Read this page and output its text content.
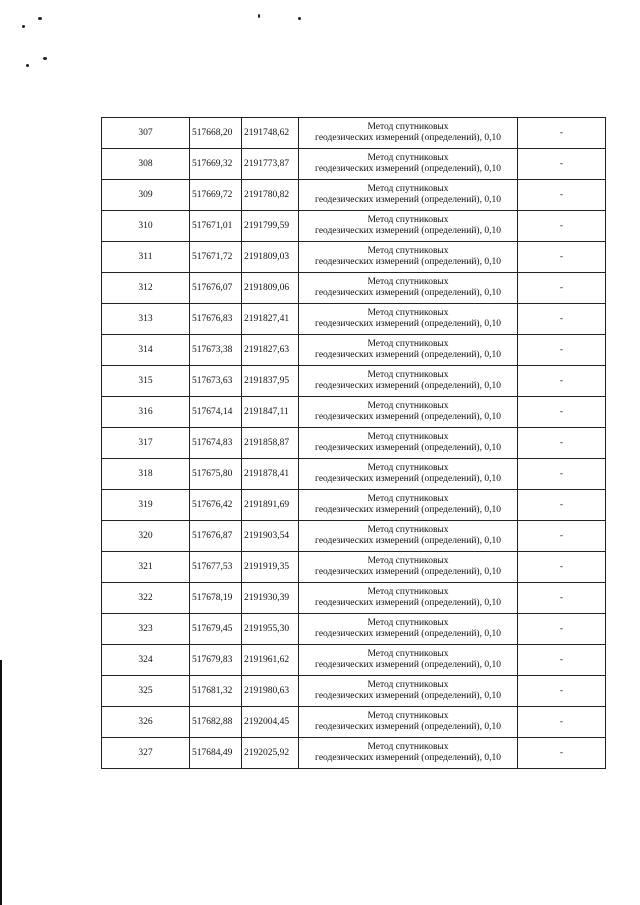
307	517668,20	2191748,62	Метод спутниковых
геодезических измерений (определений), 0,10	-
308	517669,32	2191773,87	Метод спутниковых
геодезических измерений (определений), 0,10	-
309	517669,72	2191780,82	Метод спутниковых
геодезических измерений (определений), 0,10	-
310	517671,01	2191799,59	Метод спутниковых
геодезических измерений (определений), 0,10	-
311	517671,72	2191809,03	Метод спутниковых
геодезических измерений (определений), 0,10	-
312	517676,07	2191809,06	Метод спутниковых
геодезических измерений (определений), 0,10	-
313	517676,83	2191827,41	Метод спутниковых
геодезических измерений (определений), 0,10	-
314	517673,38	2191827,63	Метод спутниковых
геодезических измерений (определений), 0,10	-
315	517673,63	2191837,95	Метод спутниковых
геодезических измерений (определений), 0,10	-
316	517674,14	2191847,11	Метод спутниковых
геодезических измерений (определений), 0,10	-
317	517674,83	2191858,87	Метод спутниковых
геодезических измерений (определений), 0,10	-
318	517675,80	2191878,41	Метод спутниковых
геодезических измерений (определений), 0,10	-
319	517676,42	2191891,69	Метод спутниковых
геодезических измерений (определений), 0,10	-
320	517676,87	2191903,54	Метод спутниковых
геодезических измерений (определений), 0,10	-
321	517677,53	2191919,35	Метод спутниковых
геодезических измерений (определений), 0,10	-
322	517678,19	2191930,39	Метод спутниковых
геодезических измерений (определений), 0,10	-
323	517679,45	2191955,30	Метод спутниковых
геодезических измерений (определений), 0,10	-
324	517679,83	2191961,62	Метод спутниковых
геодезических измерений (определений), 0,10	-
325	517681,32	2191980,63	Метод спутниковых
геодезических измерений (определений), 0,10	-
326	517682,88	2192004,45	Метод спутниковых
геодезических измерений (определений), 0,10	-
327	517684,49	2192025,92	Метод спутниковых
геодезических измерений (определений), 0,10	-
